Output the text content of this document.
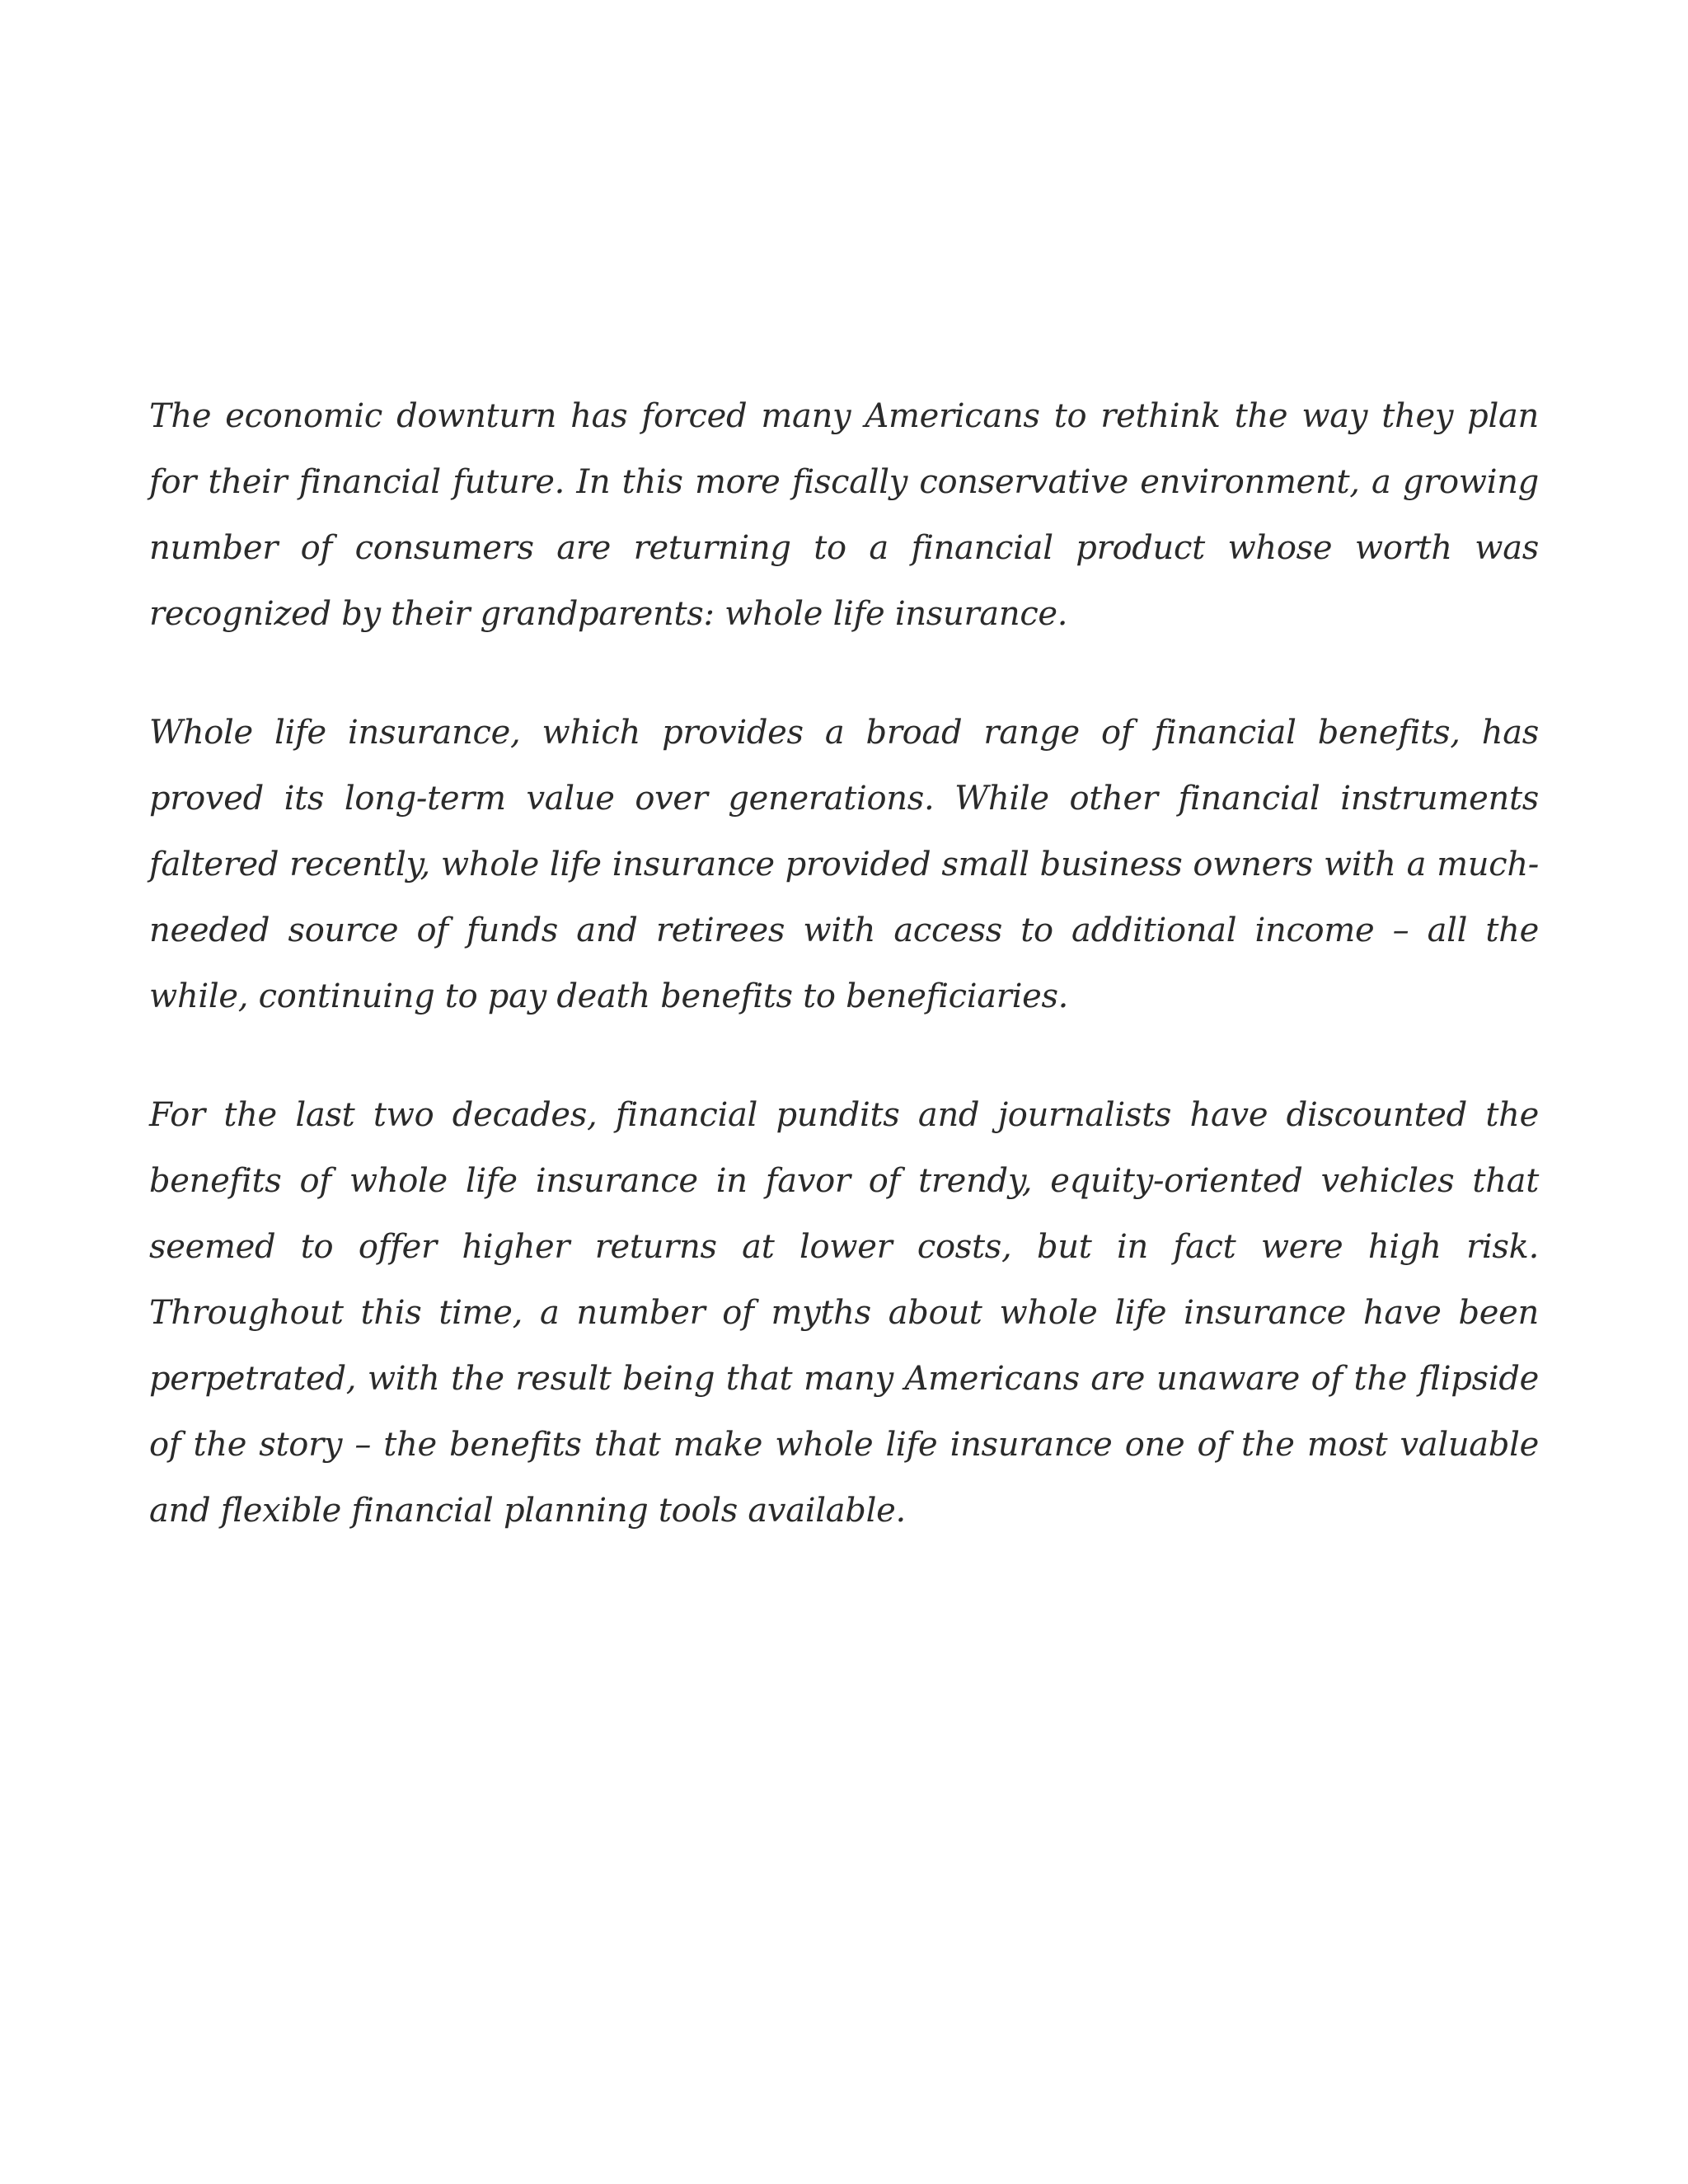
The economic downturn has forced many Americans to rethink the way they plan for their financial future. In this more fiscally conservative environment, a growing number of consumers are returning to a financial product whose worth was recognized by their grandparents: whole life insurance.

Whole life insurance, which provides a broad range of financial benefits, has proved its long-term value over generations. While other financial instruments faltered recently, whole life insurance provided small business owners with a much-needed source of funds and retirees with access to additional income – all the while, continuing to pay death benefits to beneficiaries.

For the last two decades, financial pundits and journalists have discounted the benefits of whole life insurance in favor of trendy, equity-oriented vehicles that seemed to offer higher returns at lower costs, but in fact were high risk. Throughout this time, a number of myths about whole life insurance have been perpetrated, with the result being that many Americans are unaware of the flipside of the story – the benefits that make whole life insurance one of the most valuable and flexible financial planning tools available.
